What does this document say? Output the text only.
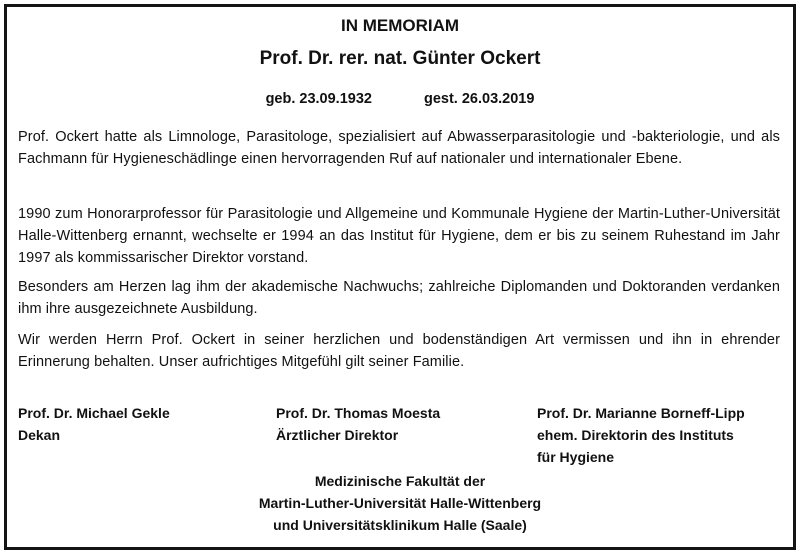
IN MEMORIAM
Prof. Dr. rer. nat. Günter Ockert
geb. 23.09.1932	gest. 26.03.2019
Prof. Ockert hatte als Limnologe, Parasitologe, spezialisiert auf Abwasserparasitologie und -bakteriologie, und als Fachmann für Hygieneschädlinge einen hervorragenden Ruf auf nationaler und internationaler Ebene.
1990 zum Honorarprofessor für Parasitologie und Allgemeine und Kommunale Hygiene der Martin-Luther-Universität Halle-Wittenberg ernannt, wechselte er 1994 an das Institut für Hygiene, dem er bis zu seinem Ruhestand im Jahr 1997 als kommissarischer Direktor vorstand.
Besonders am Herzen lag ihm der akademische Nachwuchs; zahlreiche Diplomanden und Doktoranden verdanken ihm ihre ausgezeichnete Ausbildung.
Wir werden Herrn Prof. Ockert in seiner herzlichen und bodenständigen Art vermissen und ihn in ehrender Erinnerung behalten. Unser aufrichtiges Mitgefühl gilt seiner Familie.
Prof. Dr. Michael Gekle
Dekan
Prof. Dr. Thomas Moesta
Ärztlicher Direktor
Prof. Dr. Marianne Borneff-Lipp
ehem. Direktorin des Instituts
für Hygiene
Medizinische Fakultät der
Martin-Luther-Universität Halle-Wittenberg
und Universitätsklinikum Halle (Saale)
